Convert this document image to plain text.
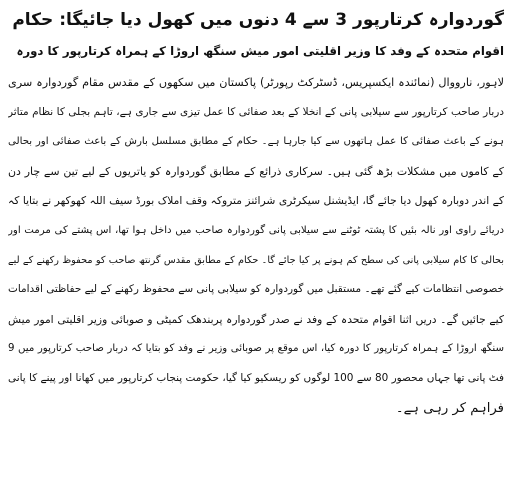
گوردوارہ کرتارپور 3 سے 4 دنوں میں کھول دیا جائیگا: حکام

اقوام متحدہ کے وفد کا وزیر اقلیتی امور میش سنگھ اروڑا کے ہمراہ کرتارپور کا دورہ

لاہور، نارووال (نمائندہ ایکسپریس، ڈسٹرکٹ رپورٹر) پاکستان میں سکھوں کے مقدس مقام گوردوارہ سری

دربار صاحب کرتارپور سے سیلابی پانی کے انخلا کے بعد صفائی کا عمل تیزی سے جاری ہے، تاہم بجلی کا نظام متاثر

ہونے کے باعث صفائی کا عمل ہاتھوں سے کیا جارہا ہے۔ حکام کے مطابق مسلسل بارش کے باعث صفائی اور بحالی

کے کاموں میں مشکلات بڑھ گئی ہیں۔ سرکاری ذرائع کے مطابق گوردوارہ کو یاتریوں کے لیے تین سے چار دن

کے اندر دوبارہ کھول دیا جائے گا، ایڈیشنل سیکرٹری شرائنز متروکہ وقف املاک بورڈ سیف اللہ کھوکھر نے بتایا کہ

دریائے راوی اور نالہ بئیں کا پشتہ ٹوٹنے سے سیلابی پانی گوردوارہ صاحب میں داخل ہوا تھا، اس پشتے کی مرمت اور

بحالی کا کام سیلابی پانی کی سطح کم ہونے پر کیا جائے گا۔ حکام کے مطابق مقدس گرنتھ صاحب کو محفوظ رکھنے کے لیے

خصوصی انتظامات کیے گئے تھے۔ مستقبل میں گوردوارہ کو سیلابی پانی سے محفوظ رکھنے کے لیے حفاظتی اقدامات

کیے جائیں گے۔ دریں اثنا اقوام متحدہ کے وفد نے صدر گوردوارہ پربندھک کمیٹی و صوبائی وزیر اقلیتی امور میش

سنگھ اروڑا کے ہمراہ کرتارپور کا دورہ کیا، اس موقع پر صوبائی وزیر نے وفد کو بتایا کہ دربار صاحب کرتارپور میں 9

فٹ پانی تھا جہاں محصور 80 سے 100 لوگوں کو ریسکیو کیا گیا، حکومت پنجاب کرتارپور میں کھانا اور پینے کا پانی

فراہم کر رہی ہے۔
